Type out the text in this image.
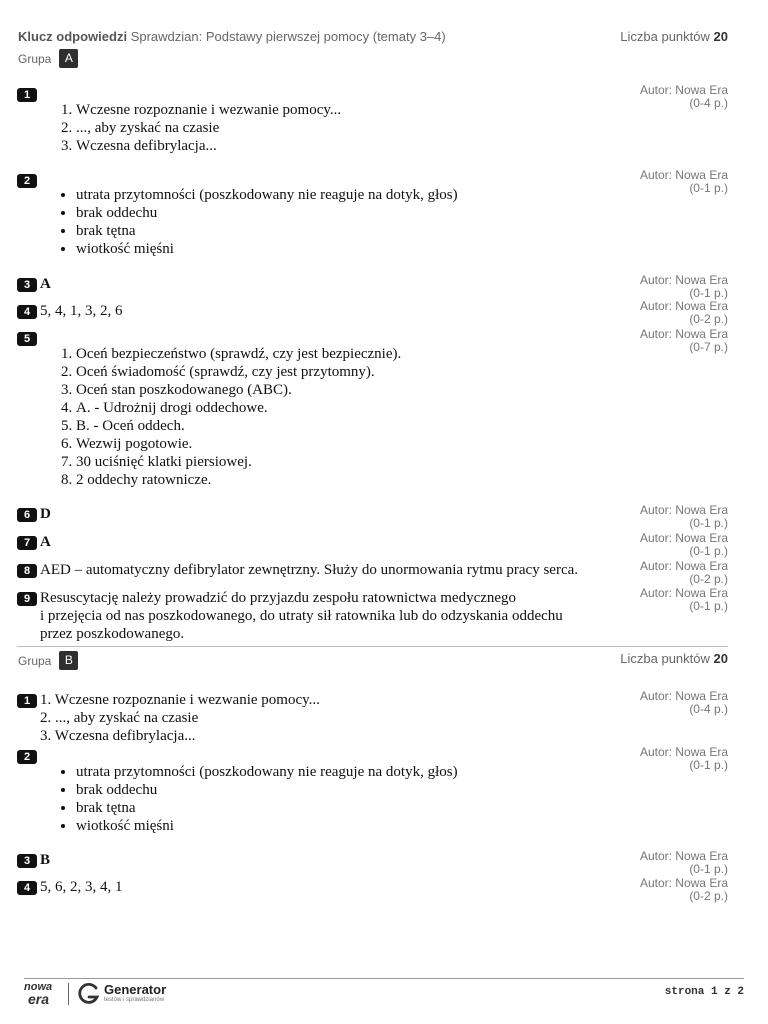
Klucz odpowiedzi Sprawdzian: Podstawy pierwszej pomocy (tematy 3–4)	Liczba punktów 20
Grupa	A
1	Autor: Nowa Era
(0-4 p.)
1. Wczesne rozpoznanie i wezwanie pomocy...
2. ..., aby zyskać na czasie
3. Wczesna defibrylacja...
2	Autor: Nowa Era
(0-1 p.)
• utrata przytomności (poszkodowany nie reaguje na dotyk, głos)
• brak oddechu
• brak tętna
• wiotkość mięśni
3 A	Autor: Nowa Era
(0-1 p.)
4 5, 4, 1, 3, 2, 6	Autor: Nowa Era
(0-2 p.)
5	Autor: Nowa Era
(0-7 p.)
1. Oceń bezpieczeństwo (sprawdź, czy jest bezpiecznie).
2. Oceń świadomość (sprawdź, czy jest przytomny).
3. Oceń stan poszkodowanego (ABC).
4. A. - Udrożnij drogi oddechowe.
5. B. - Oceń oddech.
6. Wezwij pogotowie.
7. 30 uciśnięć klatki piersiowej.
8. 2 oddechy ratownicze.
6 D	Autor: Nowa Era
(0-1 p.)
7 A	Autor: Nowa Era
(0-1 p.)
8 AED – automatyczny defibrylator zewnętrzny. Służy do unormowania rytmu pracy serca.	Autor: Nowa Era
(0-2 p.)
9 Resuscytację należy prowadzić do przyjazdu zespołu ratownictwa medycznego
i przejęcia od nas poszkodowanego, do utraty sił ratownika lub do odzyskania oddechu
przez poszkodowanego.
Autor: Nowa Era
(0-1 p.)
Grupa	B	Liczba punktów 20
1 1. Wczesne rozpoznanie i wezwanie pomocy...
2. ..., aby zyskać na czasie
3. Wczesna defibrylacja...
Autor: Nowa Era
(0-4 p.)
2	Autor: Nowa Era
(0-1 p.)
• utrata przytomności (poszkodowany nie reaguje na dotyk, głos)
• brak oddechu
• brak tętna
• wiotkość mięśni
3 B	Autor: Nowa Era
(0-1 p.)
4 5, 6, 2, 3, 4, 1	Autor: Nowa Era
(0-2 p.)
nowa
era
Generator
testów i sprawdzianów
strona 1 z 2
